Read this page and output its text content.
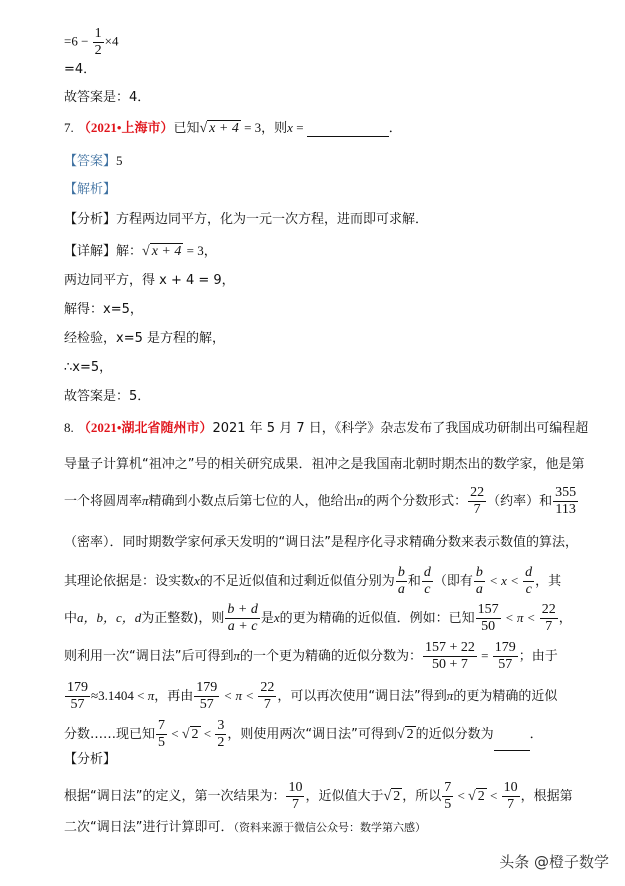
$=6 - \frac{1}{2} \times 4$
=4．
故答案是：4．
7. （2021•上海市）已知√ x + 4 = 3，则x =	．
【答案】5
【解析】
【分析】方程两边同平方，化为一元一次方程，进而即可求解．
【详解】解：√ x + 4 = 3，
两边同平方，得 x + 4 = 9，
解得：x=5，
经检验，x=5 是方程的解，
∴x=5，
故答案是：5．
8. （2021•湖北省随州市）2021 年 5 月 7 日，《科学》杂志发布了我国成功研制出可编程超
导量子计算机“祖冲之”号的相关研究成果．祖冲之是我国南北朝时期杰出的数学家，他是第
一个将圆周率π精确到小数点后第七位的人，他给出π的两个分数形式： $\frac{22}{7}$ （约率）和 $\frac{355}{113}$
（密率）．同时期数学家何承天发明的“调日法”是程序化寻求精确分数来表示数值的算法，
其理论依据是：设实数x的不足近似值和过剩近似值分别为 $\frac{b}{a}$ 和 $\frac{d}{c}$ （即有 $\frac{b}{a} < x < \frac{d}{c}$ ，其
中a，b，c，d为正整数)，则 $\frac{b + d}{a + c}$ 是x的更为精确的近似值．例如：已知 $\frac{157}{50} < \pi < \frac{22}{7}$ ，
则利用一次“调日法”后可得到π的一个更为精确的近似分数为： $\frac{157 + 22}{50 + 7} = \frac{179}{57}$ ；由于
$\frac{179}{57} \approx 3.1404 < \pi$，再由 $\frac{179}{57} < \pi < \frac{22}{7}$ ，可以再次使用“调日法”得到π的更为精确的近似
分数……现已知 $\frac{7}{5}$ < √ $2 < \frac{3}{2}$ ，则使用两次“调日法”可得到√ 2 的近似分数为	．
【分析】
根据“调日法”的定义，第一次结果为： $\frac{10}{7}$ ，近似值大于√ 2 ，所以 $\frac{7}{5}$ < √ $2 < \frac{10}{7}$ ，根据第
二次“调日法”进行计算即可．（资料来源于微信公众号：数学第六感）
头条 @橙子数学
